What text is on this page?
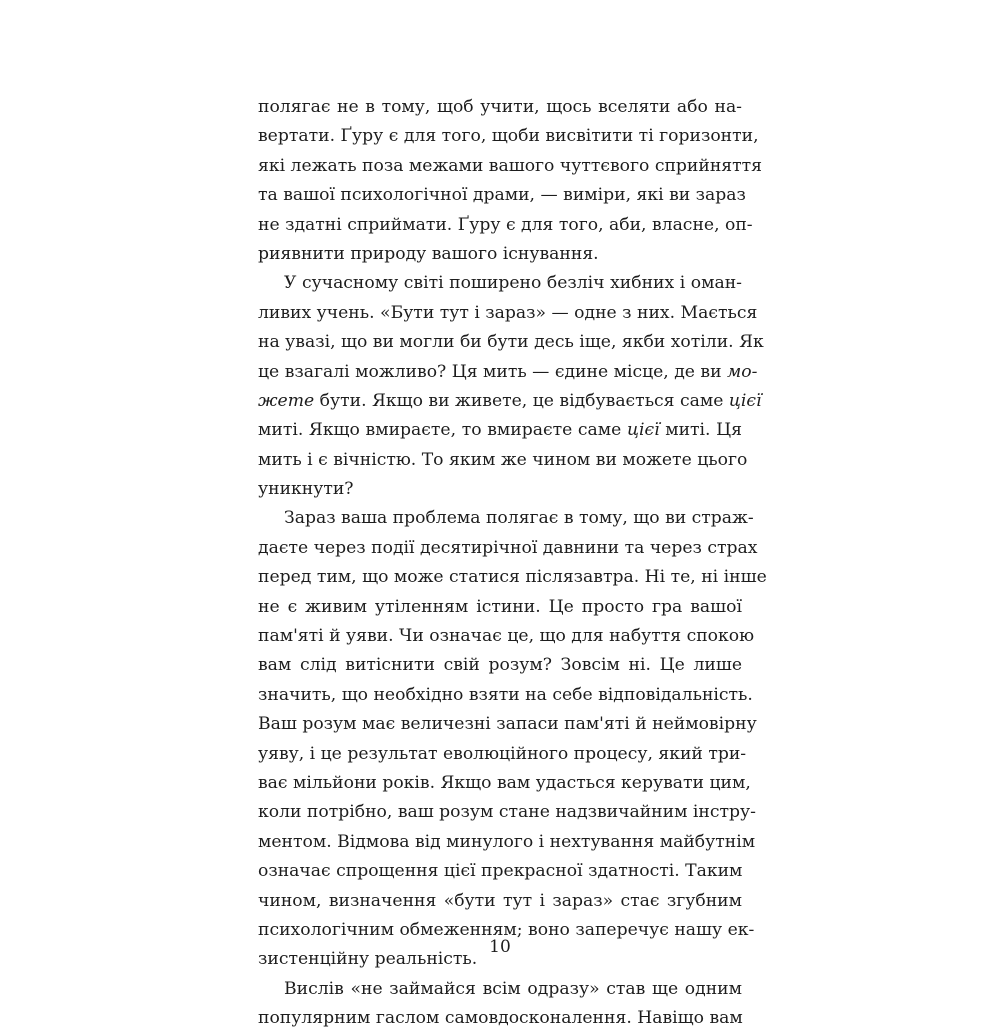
полягає не в тому, щоб учити, щось вселяти або на-
вертати. Ґуру є для того, щоби висвітити ті горизонти,
які лежать поза межами вашого чуттєвого сприйняття
та вашої психологічної драми, — виміри, які ви зараз
не здатні сприймати. Ґуру є для того, аби, власне, оп-
риявнити природу вашого існування.
У сучасному світі поширено безліч хибних і оман-
ливих учень. «Бути тут і зараз» — одне з них. Мається
на увазі, що ви могли би бути десь іще, якби хотіли. Як
це взагалі можливо? Ця мить — єдине місце, де ви мо-
жете бути. Якщо ви живете, це відбувається саме цієї
миті. Якщо вмираєте, то вмираєте саме цієї миті. Ця
мить і є вічністю. То яким же чином ви можете цього
уникнути?
Зараз ваша проблема полягає в тому, що ви страж-
даєте через події десятирічної давнини та через страх
перед тим, що може статися післязавтра. Ні те, ні інше
не є живим утіленням істини. Це просто гра вашої
пам'яті й уяви. Чи означає це, що для набуття спокою
вам слід витіснити свій розум? Зовсім ні. Це лише
значить, що необхідно взяти на себе відповідальність.
Ваш розум має величезні запаси пам'яті й неймовірну
уяву, і це результат еволюційного процесу, який три-
ває мільйони років. Якщо вам удасться керувати цим,
коли потрібно, ваш розум стане надзвичайним інстру-
ментом. Відмова від минулого і нехтування майбутнім
означає спрощення цієї прекрасної здатності. Таким
чином, визначення «бути тут і зараз» стає згубним
психологічним обмеженням; воно заперечує нашу ек-
зистенційну реальність.
Вислів «не займайся всім одразу» став ще одним
популярним гаслом самовдосконалення. Навіщо вам
10
